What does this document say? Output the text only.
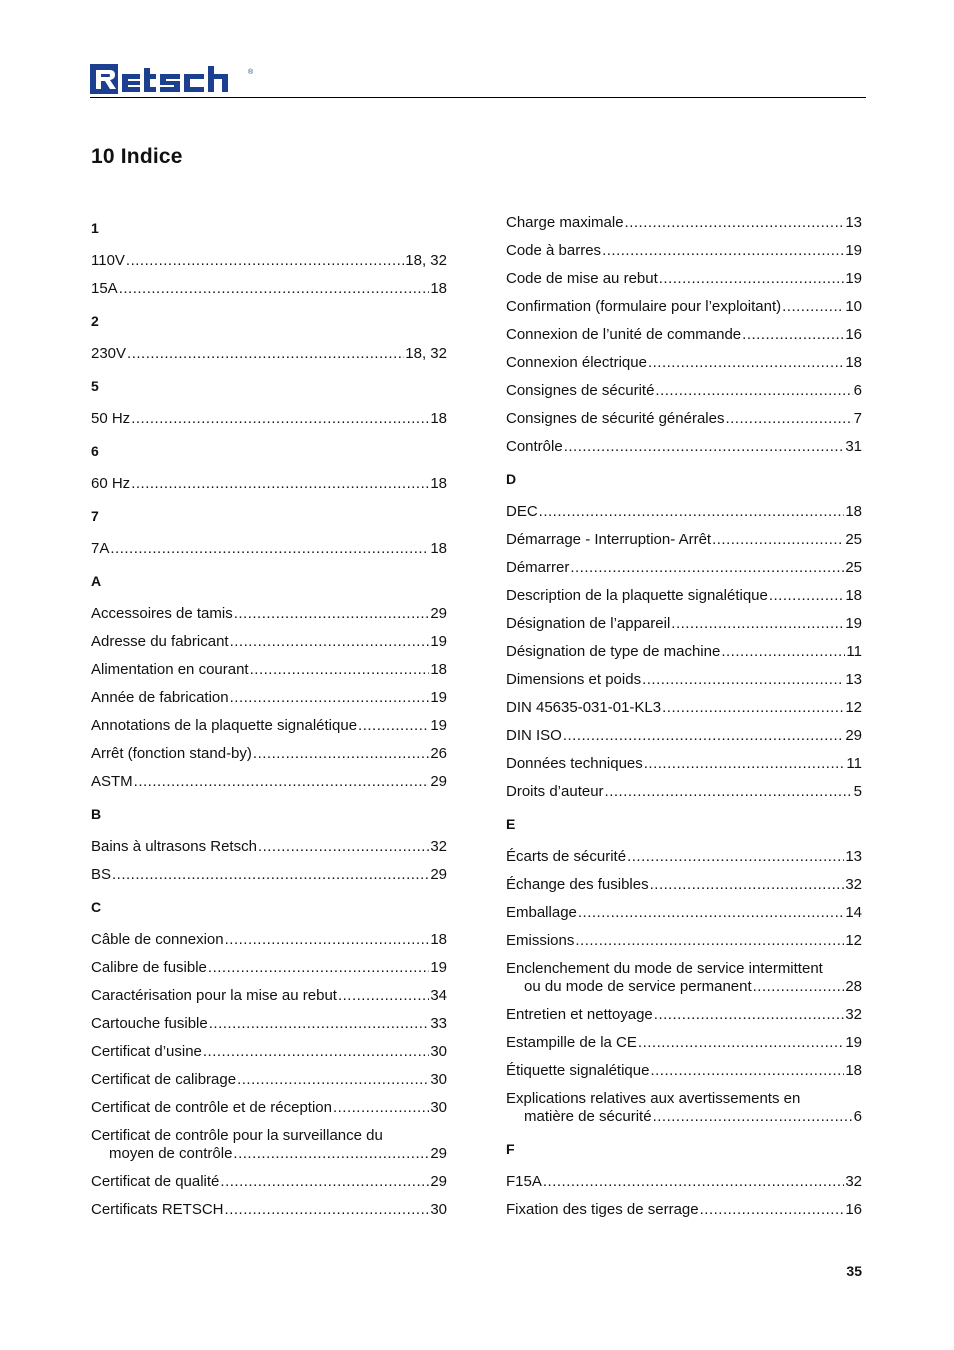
®
10 Indice
1
110V .....	18, 32
15A .....	18
2
230V .....	18, 32
5
50 Hz .....	18
6
60 Hz .....	18
7
7A .....	18
A
Accessoires de tamis .....	29
Adresse du fabricant .....	19
Alimentation en courant .....	18
Année de fabrication .....	19
Annotations de la plaquette signalétique .....	19
Arrêt (fonction stand-by) .....	26
ASTM .....	29
B
Bains à ultrasons Retsch .....	32
BS .....	29
C
Câble de connexion .....	18
Calibre de fusible .....	19
Caractérisation pour la mise au rebut .....	34
Cartouche fusible .....	33
Certificat d’usine .....	30
Certificat de calibrage .....	30
Certificat de contrôle et de réception .....	30
Certificat de contrôle pour la surveillance du
moyen de contrôle .....	29
Certificat de qualité .....	29
Certificats RETSCH .....	30
Charge maximale .....	13
Code à barres .....	19
Code de mise au rebut .....	19
Confirmation (formulaire pour l’exploitant) .....	10
Connexion de l’unité de commande .....	16
Connexion électrique .....	18
Consignes de sécurité .....	6
Consignes de sécurité générales .....	7
Contrôle .....	31
D
DEC .....	18
Démarrage - Interruption- Arrêt .....	25
Démarrer .....	25
Description de la plaquette signalétique .....	18
Désignation de l’appareil .....	19
Désignation de type de machine .....	11
Dimensions et poids .....	13
DIN 45635-031-01-KL3 .....	12
DIN ISO .....	29
Données techniques .....	11
Droits d’auteur .....	5
E
Écarts de sécurité .....	13
Échange des fusibles .....	32
Emballage .....	14
Emissions .....	12
Enclenchement du mode de service intermittent
ou du mode de service permanent .....	28
Entretien et nettoyage .....	32
Estampille de la CE .....	19
Étiquette signalétique .....	18
Explications relatives aux avertissements en
matière de sécurité .....	6
F
F15A .....	32
Fixation des tiges de serrage .....	16
35
